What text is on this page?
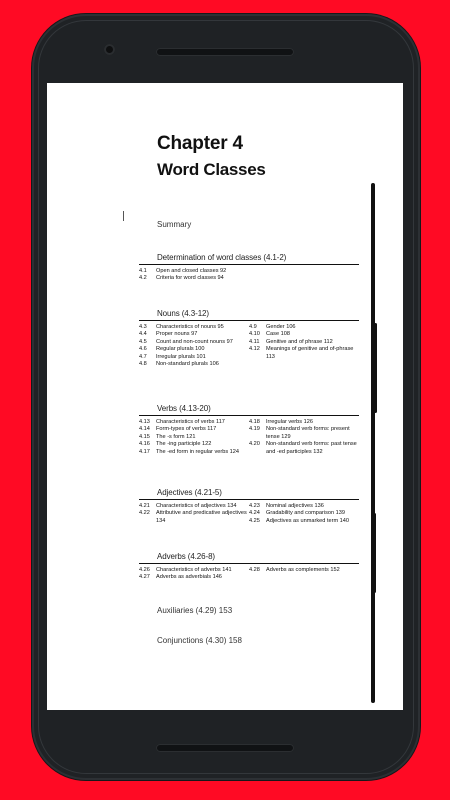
Chapter 4
Word Classes
Summary
Determination of word classes (4.1-2)
4.1	Open and closed classes 92
4.2	Criteria for word classes 94
Nouns (4.3-12)
4.3	Characteristics of nouns 95
4.4	Proper nouns 97
4.5	Count and non-count nouns 97
4.6	Regular plurals 100
4.7	Irregular plurals 101
4.8	Non-standard plurals 106
4.9	Gender 106
4.10	Case 108
4.11	Genitive and of phrase 112
4.12	Meanings of genitive and of-phrase 113
Verbs (4.13-20)
4.13	Characteristics of verbs 117
4.14	Form-types of verbs 117
4.15	The -s form 121
4.16	The -ing participle 122
4.17	The -ed form in regular verbs 124
4.18	Irregular verbs 126
4.19	Non-standard verb forms: present tense 129
4.20	Non-standard verb forms: past tense and -ed participles 132
Adjectives (4.21-5)
4.21	Characteristics of adjectives 134
4.22	Attributive and predicative adjectives 134
4.23	Nominal adjectives 136
4.24	Gradability and comparison 139
4.25	Adjectives as unmarked term 140
Adverbs (4.26-8)
4.26	Characteristics of adverbs 141
4.27	Adverbs as adverbials 146
4.28	Adverbs as complements 152
Auxiliaries (4.29) 153
Conjunctions (4.30) 158
